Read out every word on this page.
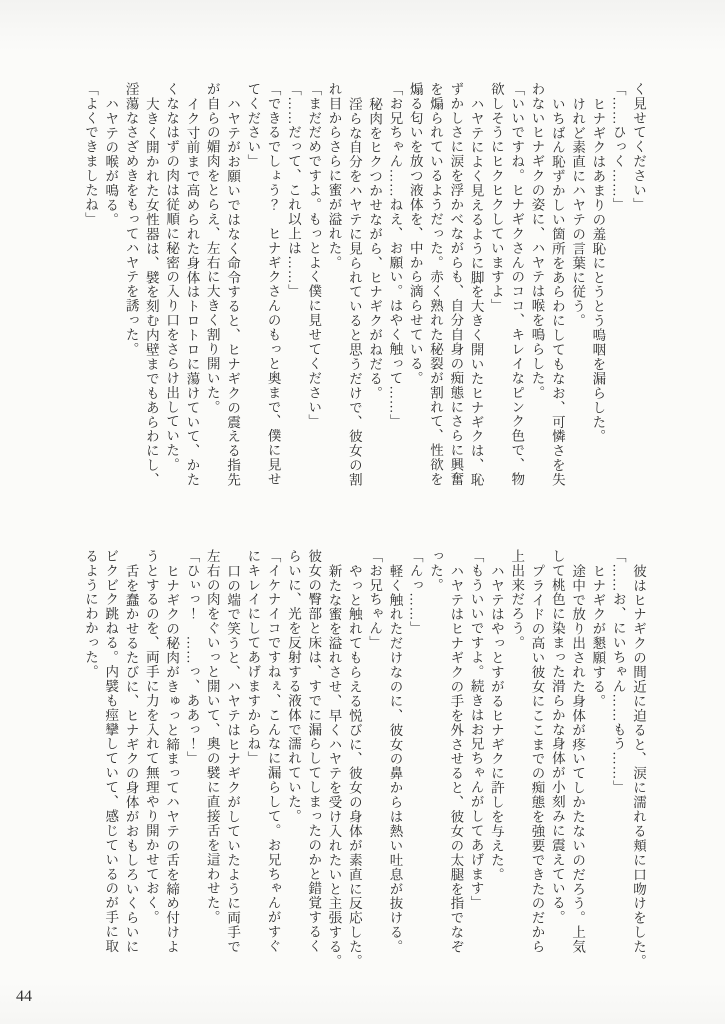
く見せてください」
「……ひっく……」
ヒナギクはあまりの羞恥にとうとう嗚咽を漏らした。
けれど素直にハヤテの言葉に従う。
いちばん恥ずかしい箇所をあらわにしてもなお、可憐さを失
わないヒナギクの姿に、ハヤテは喉を鳴らした。
「いいですね。ヒナギクさんのココ、キレイなピンク色で、物
欲しそうにヒクヒクしていますよ」
ハヤテによく見えるように脚を大きく開いたヒナギクは、恥
ずかしさに涙を浮かべながらも、自分自身の痴態にさらに興奮
を煽られているようだった。赤く熟れた秘裂が割れて、性欲を
煽る匂いを放つ液体を、中から滴らせている。
「お兄ちゃん……ねえ、お願い。はやく触って……」
秘肉をヒクつかせながら、ヒナギクがねだる。
淫らな自分をハヤテに見られていると思うだけで、彼女の割
れ目からさらに蜜が溢れた。
「まだだめですよ。もっとよく僕に見せてください」
「……だって、これ以上は……」
「できるでしょう？　ヒナギクさんのもっと奥まで、僕に見せ
てください」
ハヤテがお願いではなく命令すると、ヒナギクの震える指先
が自らの媚肉をとらえ、左右に大きく割り開いた。
イク寸前まで高められた身体はトロトロに蕩けていて、かた
くななはずの肉は従順に秘密の入り口をさらけ出していた。
大きく開かれた女性器は、襞を刻む内壁までもあらわにし、
淫蕩なさざめきをもってハヤテを誘った。
ハヤテの喉が鳴る。
「よくできましたね」
彼はヒナギクの間近に迫ると、涙に濡れる頬に口吻けをした。
「……お、にいちゃん……もう……」
ヒナギクが懇願する。
途中で放り出された身体が疼いてしかたないのだろう。上気
して桃色に染まった滑らかな身体が小刻みに震えている。
プライドの高い彼女にここまでの痴態を強要できたのだから
上出来だろう。
ハヤテはやっとすがるヒナギクに許しを与えた。
「もういいですよ。続きはお兄ちゃんがしてあげます」
ハヤテはヒナギクの手を外させると、彼女の太腿を指でなぞ
った。
「んっ……」
軽く触れただけなのに、彼女の鼻からは熱い吐息が抜ける。
「お兄ちゃん」
やっと触れてもらえる悦びに、彼女の身体が素直に反応した。
新たな蜜を溢れさせ、早くハヤテを受け入れたいと主張する。
彼女の臀部と床は、すでに漏らしてしまったのかと錯覚するく
らいに、光を反射する液体で濡れていた。
「イケナイコですねぇ、こんなに漏らして。お兄ちゃんがすぐ
にキレイにしてあげますからね」
口の端で笑うと、ハヤテはヒナギクがしていたように両手で
左右の肉をぐいっと開いて、奥の襞に直接舌を這わせた。
「ひぃっ！　……っ、ああっ！」
ヒナギクの秘肉がきゅっと締まってハヤテの舌を締め付けよ
うとするのを、両手に力を入れて無理やり開かせておく。
舌を蠢かせるたびに、ヒナギクの身体がおもしろいくらいに
ビクビク跳ねる。内襞も痙攣していて、感じているのが手に取
るようにわかった。
44
